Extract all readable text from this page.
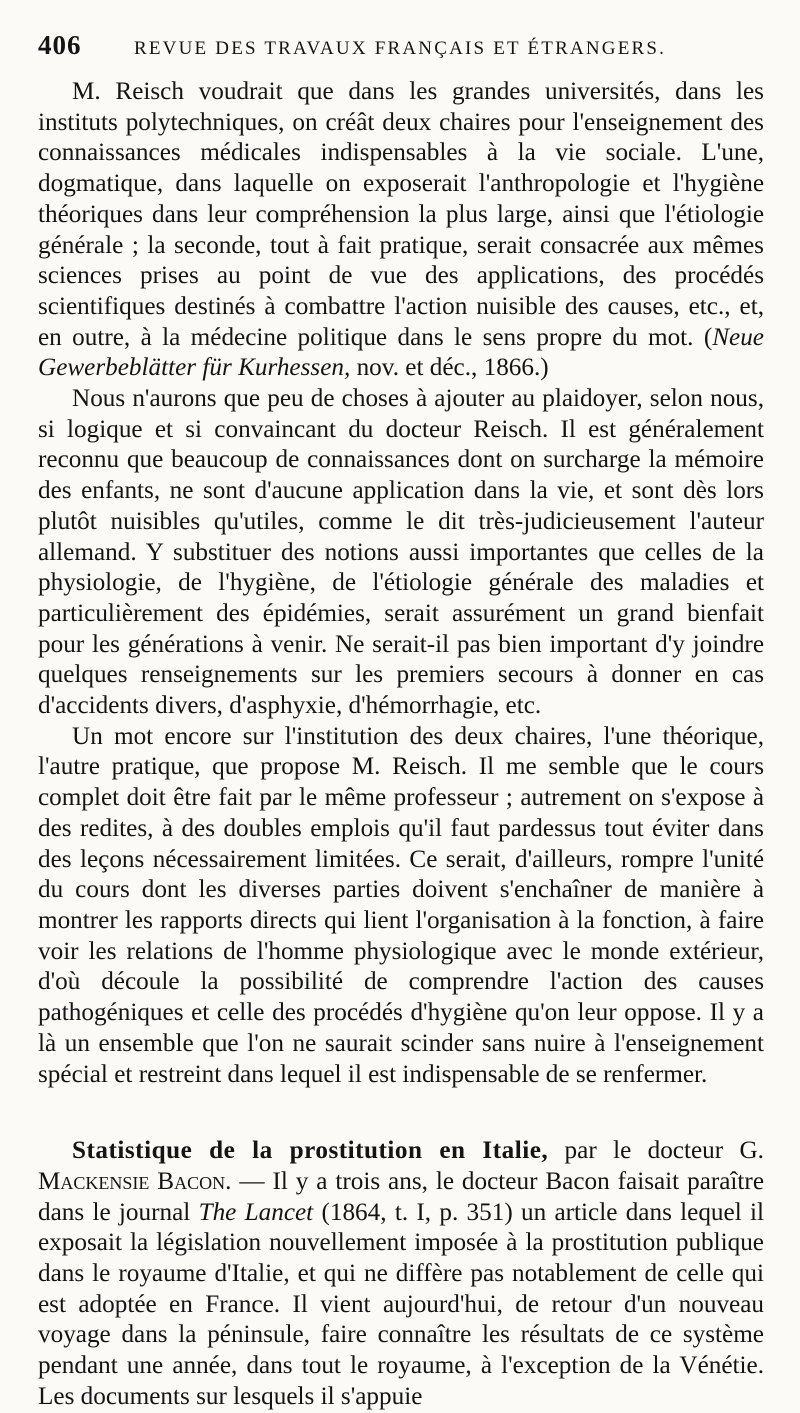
406	REVUE DES TRAVAUX FRANÇAIS ET ÉTRANGERS.

M. Reisch voudrait que dans les grandes universités, dans les instituts polytechniques, on créât deux chaires pour l'enseignement des connaissances médicales indispensables à la vie sociale. L'une, dogmatique, dans laquelle on exposerait l'anthropologie et l'hygiène théoriques dans leur compréhension la plus large, ainsi que l'étiologie générale ; la seconde, tout à fait pratique, serait consacrée aux mêmes sciences prises au point de vue des applications, des procédés scientifiques destinés à combattre l'action nuisible des causes, etc., et, en outre, à la médecine politique dans le sens propre du mot. (Neue Gewerbeblätter für Kurhessen, nov. et déc., 1866.)

Nous n'aurons que peu de choses à ajouter au plaidoyer, selon nous, si logique et si convaincant du docteur Reisch. Il est généralement reconnu que beaucoup de connaissances dont on surcharge la mémoire des enfants, ne sont d'aucune application dans la vie, et sont dès lors plutôt nuisibles qu'utiles, comme le dit très-judicieusement l'auteur allemand. Y substituer des notions aussi importantes que celles de la physiologie, de l'hygiène, de l'étiologie générale des maladies et particulièrement des épidémies, serait assurément un grand bienfait pour les générations à venir. Ne serait-il pas bien important d'y joindre quelques renseignements sur les premiers secours à donner en cas d'accidents divers, d'asphyxie, d'hémorrhagie, etc.

Un mot encore sur l'institution des deux chaires, l'une théorique, l'autre pratique, que propose M. Reisch. Il me semble que le cours complet doit être fait par le même professeur ; autrement on s'expose à des redites, à des doubles emplois qu'il faut pardessus tout éviter dans des leçons nécessairement limitées. Ce serait, d'ailleurs, rompre l'unité du cours dont les diverses parties doivent s'enchaîner de manière à montrer les rapports directs qui lient l'organisation à la fonction, à faire voir les relations de l'homme physiologique avec le monde extérieur, d'où découle la possibilité de comprendre l'action des causes pathogéniques et celle des procédés d'hygiène qu'on leur oppose. Il y a là un ensemble que l'on ne saurait scinder sans nuire à l'enseignement spécial et restreint dans lequel il est indispensable de se renfermer.

Statistique de la prostitution en Italie, par le docteur G. Mackensie Bacon. — Il y a trois ans, le docteur Bacon faisait paraître dans le journal The Lancet (1864, t. I, p. 351) un article dans lequel il exposait la législation nouvellement imposée à la prostitution publique dans le royaume d'Italie, et qui ne diffère pas notablement de celle qui est adoptée en France. Il vient aujourd'hui, de retour d'un nouveau voyage dans la péninsule, faire connaître les résultats de ce système pendant une année, dans tout le royaume, à l'exception de la Vénétie. Les documents sur lesquels il s'appuie
